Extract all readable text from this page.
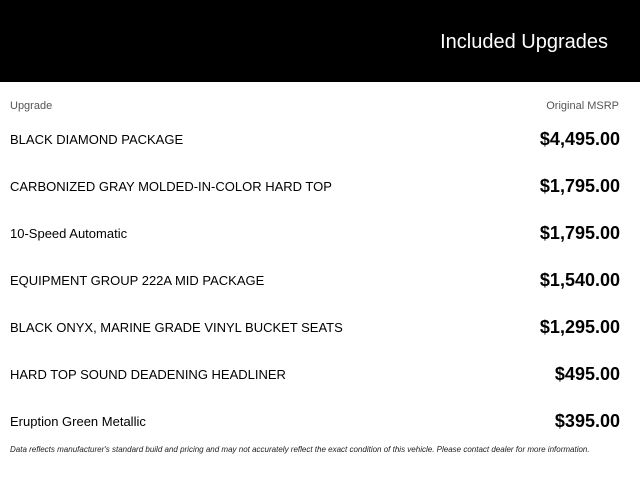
Included Upgrades
Upgrade	Original MSRP
BLACK DIAMOND PACKAGE	$4,495.00
CARBONIZED GRAY MOLDED-IN-COLOR HARD TOP	$1,795.00
10-Speed Automatic	$1,795.00
EQUIPMENT GROUP 222A MID PACKAGE	$1,540.00
BLACK ONYX, MARINE GRADE VINYL BUCKET SEATS	$1,295.00
HARD TOP SOUND DEADENING HEADLINER	$495.00
Eruption Green Metallic	$395.00
Data reflects manufacturer's standard build and pricing and may not accurately reflect the exact condition of this vehicle. Please contact dealer for more information.
